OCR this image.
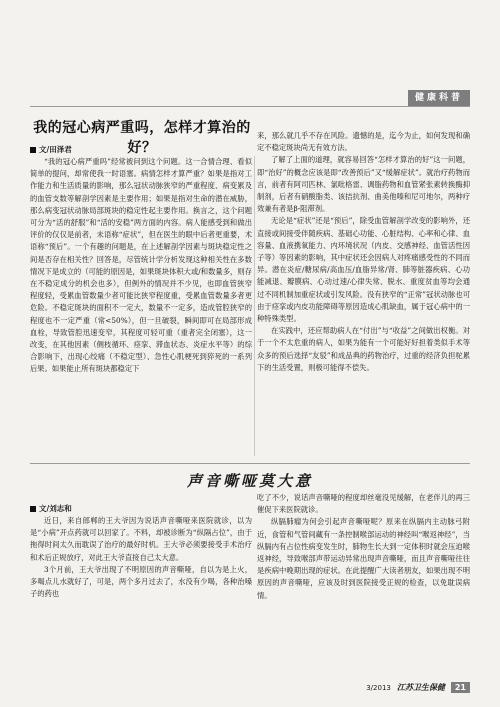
健康科普
我的冠心病严重吗，怎样才算治的好？
文/田泽君

“我的冠心病严重吗”经常被问到这个问题。这一合情合理、看似简单的提问，却常使我一时语塞。病情怎样才算严重？如果是指对工作能力和生活质量的影响，那么冠状动脉狭窄的严重程度、病变累及的血管支数等解剖学因素是主要作用；如果是指对生命的潜在威胁，那么病变冠状动脉局部斑块的稳定性起主要作用。换言之，这个问题可分为“活的舒服”和“活的安稳”两方面的内容。病人能感受到和做出评价的仅仅是前者，未语称“症状”，但在医生的眼中后者更重要，术语称“预后”。一个有趣的问题是，在上述解剖学因素与斑块稳定性之间是否存在相关性？回答是，尽管统计学分析发现这种相关性在多数情况下是成立的（可能的原因是，如果斑块体积大或/和数量多，则存在不稳定成分的机会也多），但例外的情况并不少见，也即血管狭窄程度轻，受累血管数量少者可能比狭窄程度重，受累血管数量多者更危险。不稳定斑块的面积不一定大，数量不一定多，造成管腔狭窄的程度也不一定严重（常<50%），但一旦破裂，瞬间即可在局部形成血栓，导致管腔迅速变窄，其程度可轻可重（重者完全闭塞），这一改变，在其他因素（侧枝循环、痉挛、滞血状态、炎症水平等）的综合影响下，出现心绞痛（不稳定型）、急性心肌梗死到猝死的一系列后果。如果能止所有斑块都稳定下

来，那么就几乎不存在风险。遗憾的是，迄今为止，如何发现和确定不稳定斑块尚无有效方法。

了解了上面的道理，就容易回答“怎样才算治的好”这一问题，即“治好”的概念应该是即“改善预后”又“缓解症状”。就治疗药物而言，前者有阿司匹林、氯吡格雷、调脂药物和血管紧张素转换酶抑制剂，后者有硝酸脂类、该拮抗剂、曲美他嗪和尼可地尔，两种疗效兼有者是β-阻滞剂。

无论是“症状”还是“预后”，除受血管解剖学改变的影响外，还直接或间接受伴随疾病、基础心功能、心脏结构、心率和心律、血容量、血液携氧能力、内环境状况（内皮、交感神经、血管活性因子等）等因素的影响，其中症状还会因病人对疼痛感受性的不同而异。潜在炎症/糖尿病/高血压/血脂异常/肾、肺等脏器疾病、心功能减退、瓣膜病、心动过速/心律失常、脱水、重度贫血等均会通过不同机制加重症状或引发风险。没有狭窄的“正常”冠状动脉也可由于痉挛或内皮功能障碍等原因造成心肌缺血，属于冠心病中的一种特殊类型。

在实践中，还应帮助病人在“付出”与“收益”之间做出权衡。对于一个不太危重的病人，如果为能有一个可能好好担着类似手术等众多的预后选择“友驳”和成品典的药物治疗，过重的经济负担驼累下的生活受置，则极可能得不偿失。

声音嘶哑莫大意
文/刘志和

近日，来自郎郸的王大爷因为说话声音嘶哑来医院就诊，以为是“小病”开点药就可以回家了。不料，却被诊断为“纵隔占位”，由于拖得时间太久而耽误了治疗的最好时机。王大爷必须要接受手术治疗和术后正规放疗，对此王大爷直接自己太大意。

3个月前，王大爷出现了不明原因的声音嘶哑，自以为是上火，多喝点儿水就好了，可是，两个多月过去了，水没有少喝，各种治嗓子的药也

吃了不少，说话声音嘶哑的程度却丝毫没见缓解，在老伴儿的再三催促下来医院就诊。

纵膈肺瘤为何会引起声音嘶哑呢？原来在纵膈内主动脉弓附近，食管和气管间藏有一条控制喉部运动的神经叫“喉返神经”，当纵膈内有占位性病变发生时，肺物生长大到一定体积时就会压迫喉返神经，导致喉部声带运动异常出现声音嘶哑，而且声音嘶哑往往是疾病中晚期出现的症状。在此提醒广大读者朋友，如果出现不明原因的声音嘶哑，应该及时到医院接受正规的检查，以免耽误病情。

3/2013 江苏卫生保健	21
